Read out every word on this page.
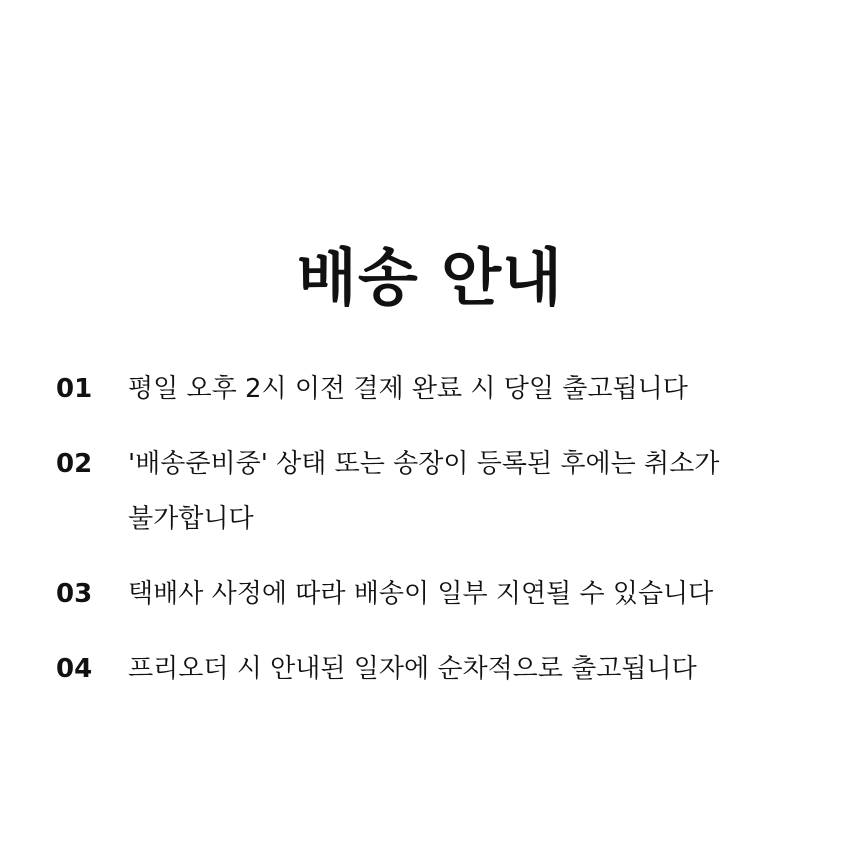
배송 안내
01	평일 오후 2시 이전 결제 완료 시 당일 출고됩니다
02	'배송준비중' 상태 또는 송장이 등록된 후에는 취소가 불가합니다
03	택배사 사정에 따라 배송이 일부 지연될 수 있습니다
04	프리오더 시 안내된 일자에 순차적으로 출고됩니다
